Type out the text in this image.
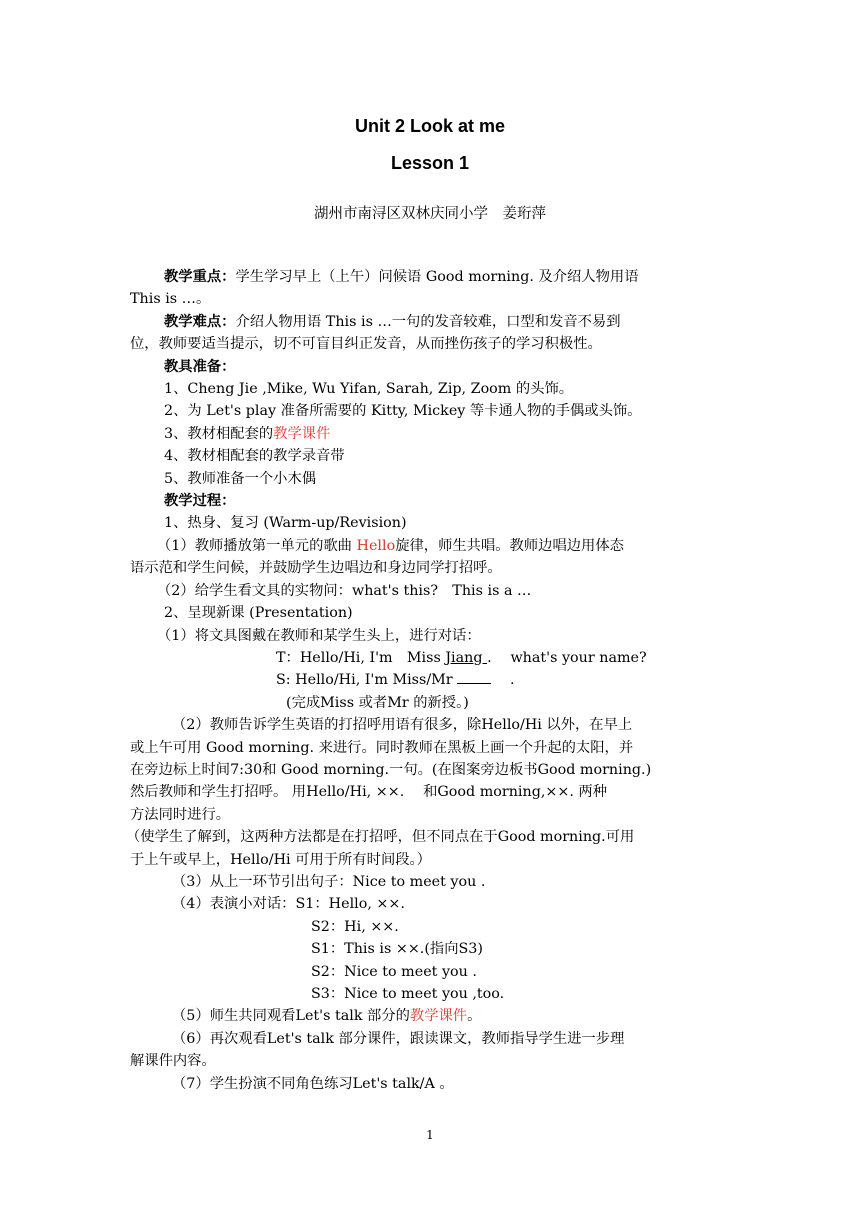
Unit 2 Look at me
Lesson 1
湖州市南浔区双林庆同小学　姜珩萍

教学重点：学生学习早上（上午）问候语 Good morning. 及介绍人物用语

This is …。

教学难点：介绍人物用语 This is …一句的发音较难，口型和发音不易到

位，教师要适当提示，切不可盲目纠正发音，从而挫伤孩子的学习积极性。

教具准备：

1、Cheng Jie ,Mike, Wu Yifan, Sarah, Zip, Zoom 的头饰。

2、为 Let's play 准备所需要的 Kitty, Mickey 等卡通人物的手偶或头饰。

3、教材相配套的教学课件

4、教材相配套的教学录音带

5、教师准备一个小木偶

教学过程：

1、热身、复习 (Warm-up/Revision)

（1）教师播放第一单元的歌曲 Hello旋律，师生共唱。教师边唱边用体态

语示范和学生问候，并鼓励学生边唱边和身边同学打招呼。

（2）给学生看文具的实物问：what's this?　This is a …

2、呈现新课 (Presentation)

（1）将文具图戴在教师和某学生头上，进行对话：

T：Hello/Hi, I'm　Miss Jiang .　 what's your name?

S: Hello/Hi, I'm Miss/Mr 　 .

(完成Miss 或者Mr 的新授。)

（2）教师告诉学生英语的打招呼用语有很多，除Hello/Hi 以外，在早上

或上午可用 Good morning. 来进行。同时教师在黑板上画一个升起的太阳，并

在旁边标上时间7:30和 Good morning.一句。(在图案旁边板书Good morning.)

然后教师和学生打招呼。 用Hello/Hi, ××.　 和Good morning,××. 两种

方法同时进行。

（使学生了解到，这两种方法都是在打招呼，但不同点在于Good morning.可用

于上午或早上，Hello/Hi 可用于所有时间段。）

（3）从上一环节引出句子：Nice to meet you .

（4）表演小对话：S1：Hello, ××.

S2：Hi, ××.

S1：This is ××.(指向S3)

S2：Nice to meet you .

S3：Nice to meet you ,too.

（5）师生共同观看Let's talk 部分的教学课件。

（6）再次观看Let's talk 部分课件，跟读课文，教师指导学生进一步理

解课件内容。

（7）学生扮演不同角色练习Let's talk/A 。

1
